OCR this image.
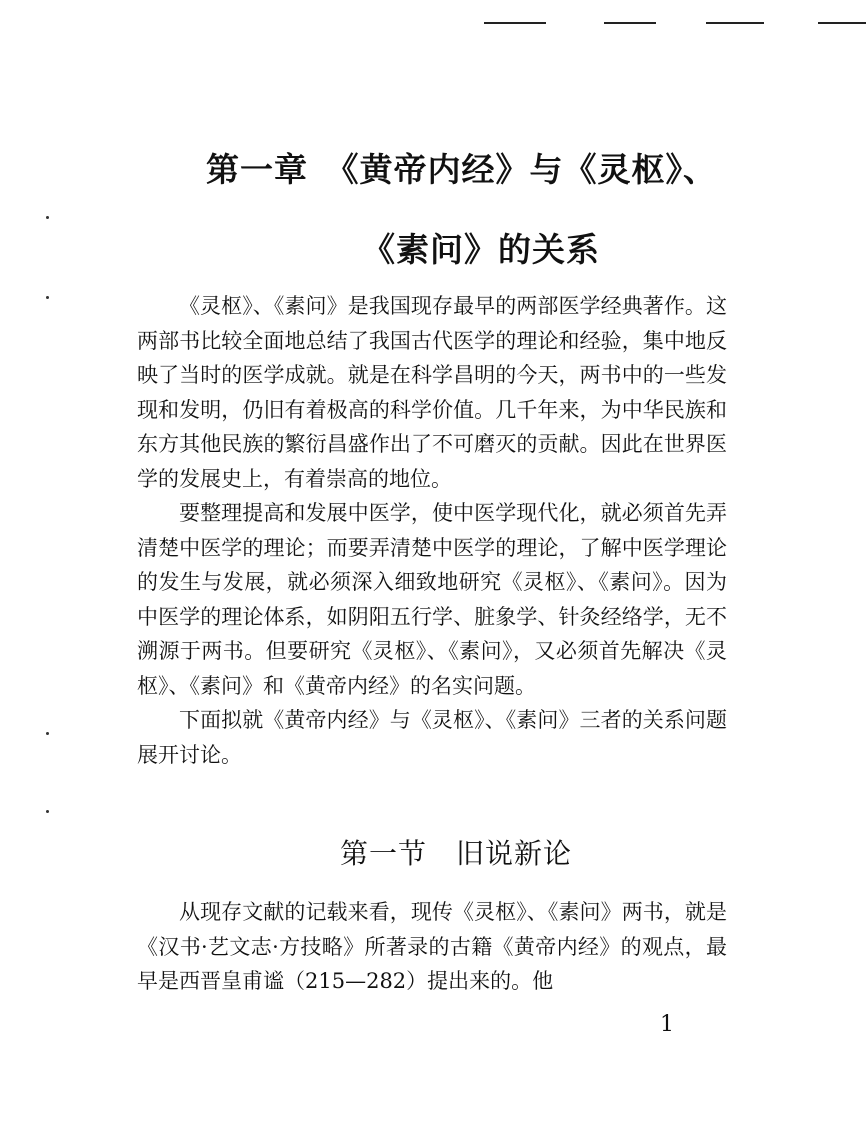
第一章　《黄帝内经》与《灵枢》、
《素问》的关系

《灵枢》、《素问》是我国现存最早的两部医学经典著作。这两部书比较全面地总结了我国古代医学的理论和经验，集中地反映了当时的医学成就。就是在科学昌明的今天，两书中的一些发现和发明，仍旧有着极高的科学价值。几千年来，为中华民族和东方其他民族的繁衍昌盛作出了不可磨灭的贡献。因此在世界医学的发展史上，有着崇高的地位。

要整理提高和发展中医学，使中医学现代化，就必须首先弄清楚中医学的理论；而要弄清楚中医学的理论，了解中医学理论的发生与发展，就必须深入细致地研究《灵枢》、《素问》。因为中医学的理论体系，如阴阳五行学、脏象学、针灸经络学，无不溯源于两书。但要研究《灵枢》、《素问》，又必须首先解决《灵枢》、《素问》和《黄帝内经》的名实问题。

下面拟就《黄帝内经》与《灵枢》、《素问》三者的关系问题展开讨论。

第一节　旧说新论

从现存文献的记载来看，现传《灵枢》、《素问》两书，就是《汉书·艺文志·方技略》所著录的古籍《黄帝内经》的观点，最早是西晋皇甫谧（215—282）提出来的。他

1
